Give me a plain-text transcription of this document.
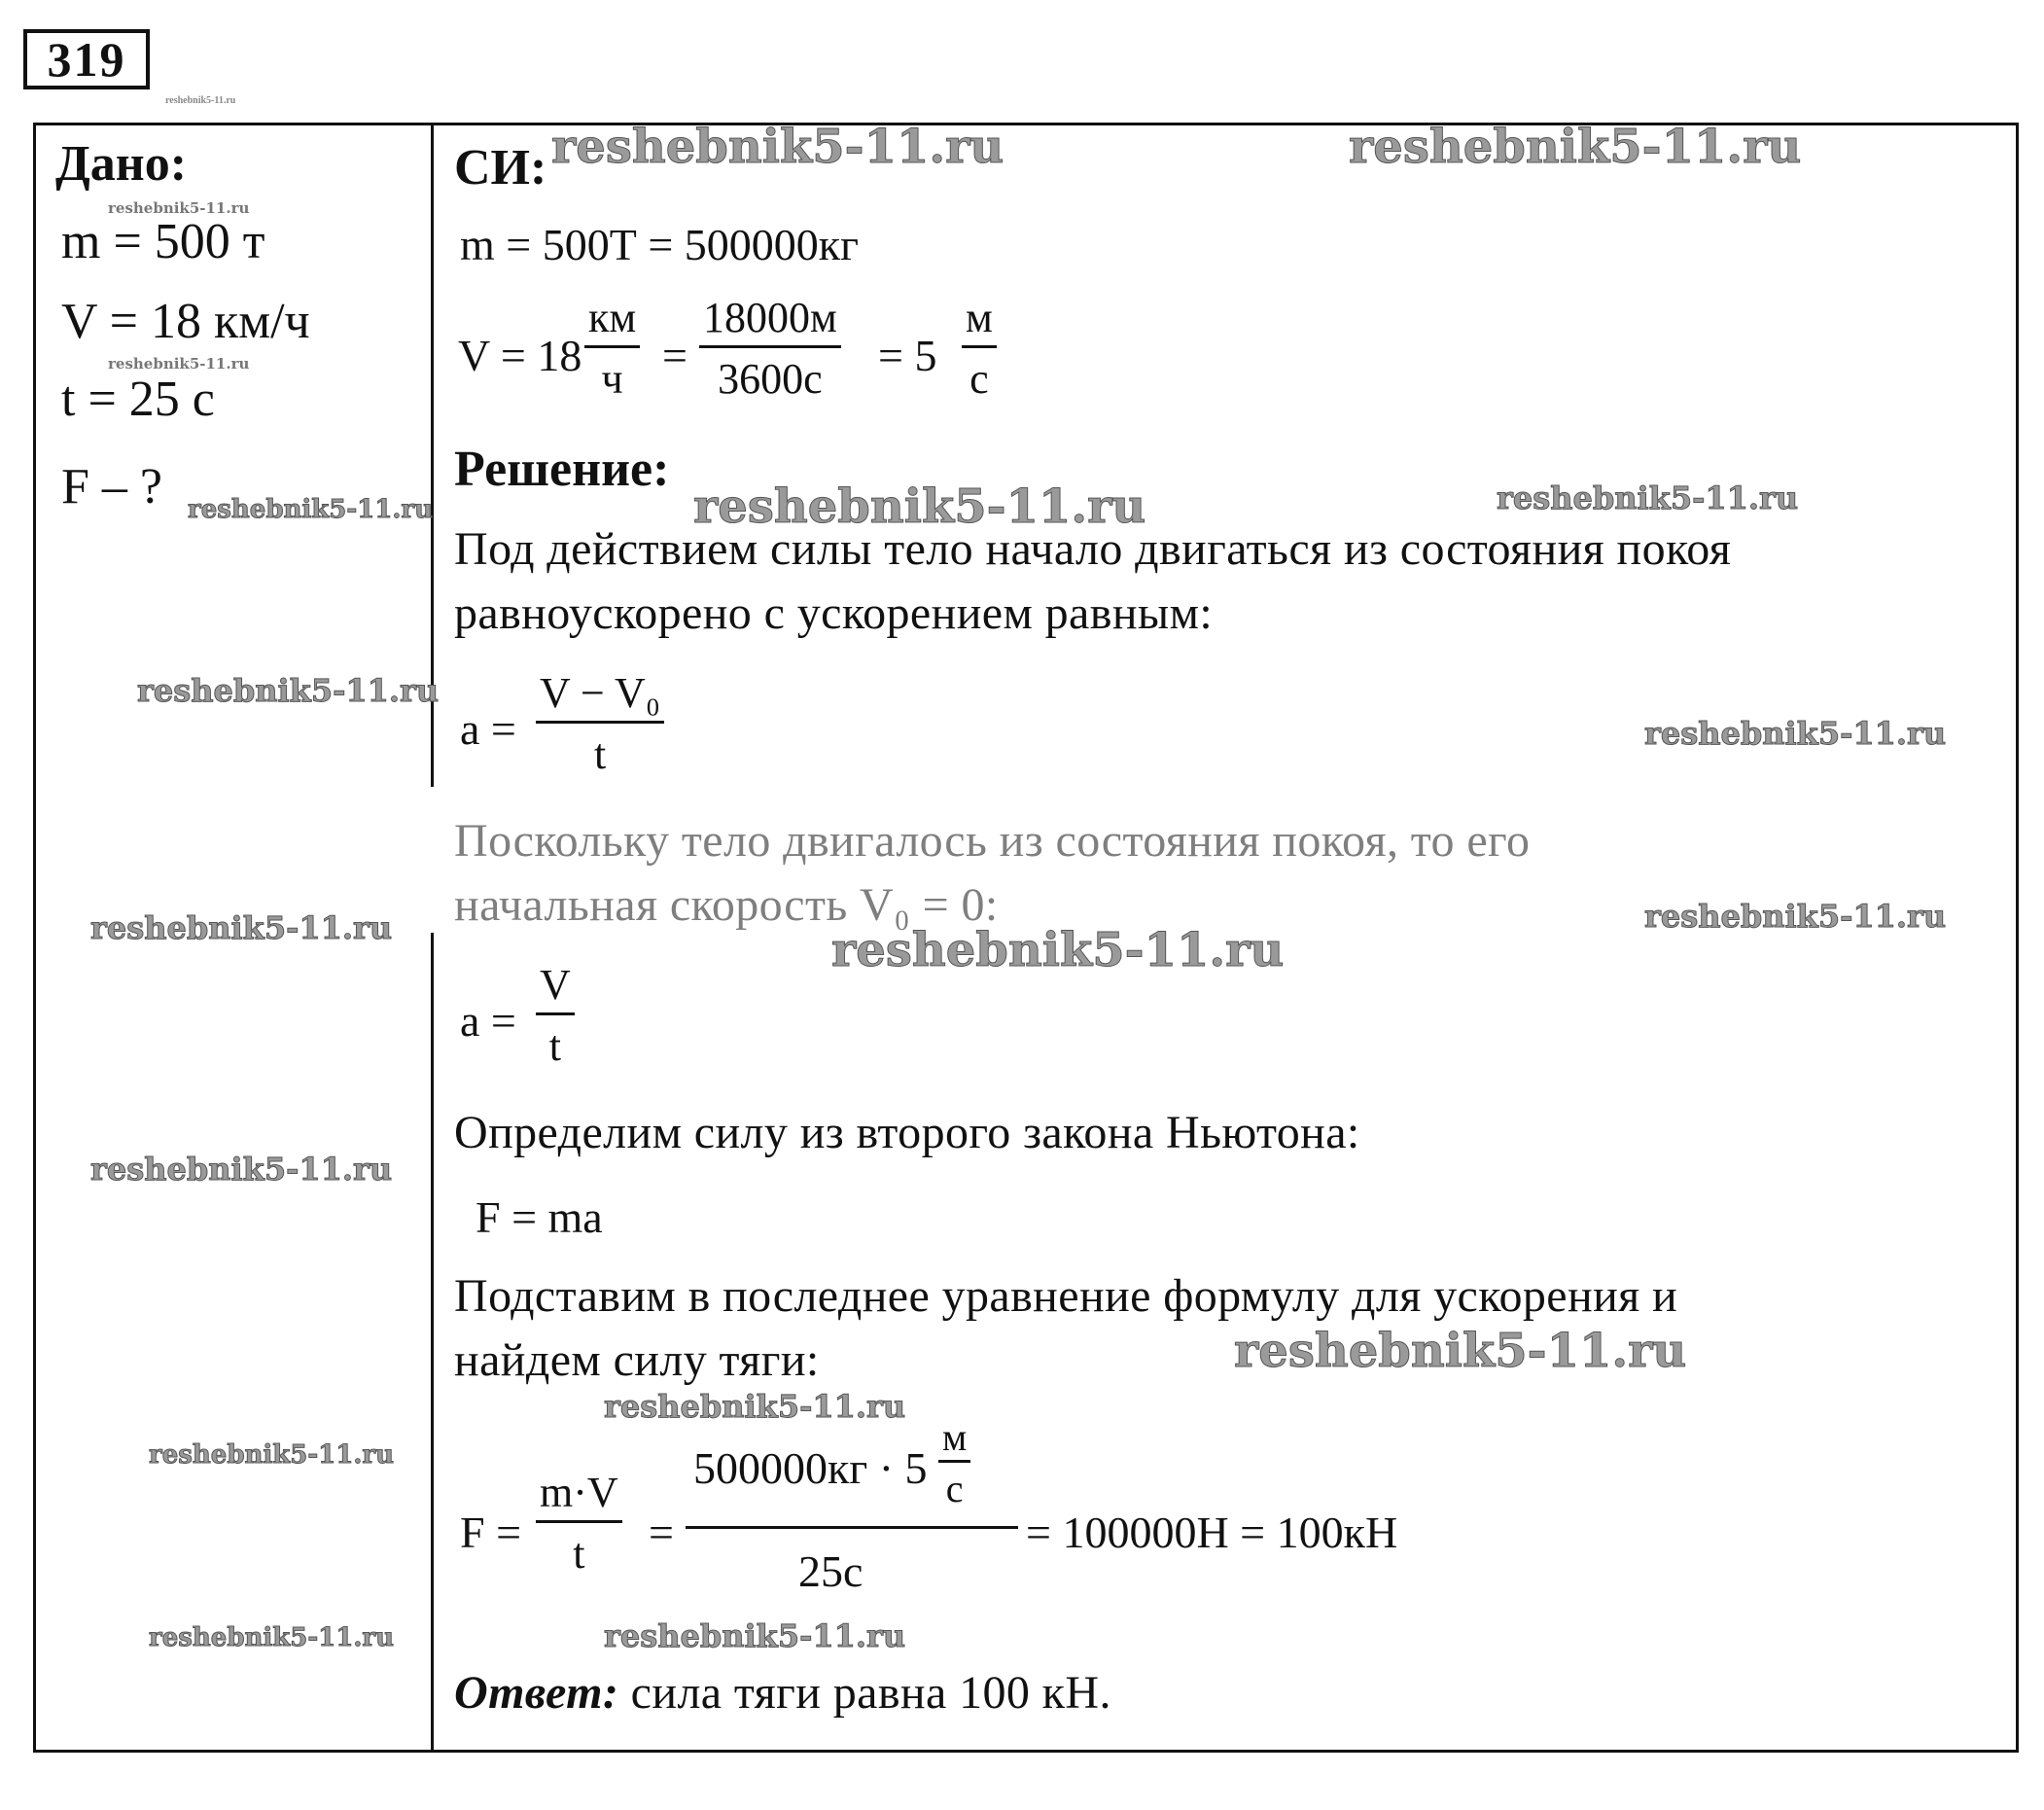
319
reshebnik5-11.ru
Дано:
m = 500 т
V = 18 км/ч
t = 25 с
F – ?
СИ:
m = 500Т = 500000кг
V = 18
км
ч =
18000м
3600с	= 5
м
с
Решение:
Под действием силы тело начало двигаться из состояния покоя
равноускорено с ускорением равным:
$a = \frac{\text{V − V₀}}{t}$
Поскольку тело двигалось из состояния покоя, то его
начальная скорость V₀ = 0:
$a = \frac{V}{t}$
Определим силу из второго закона Ньютона:
F = ma
Подставим в последнее уравнение формулу для ускорения и
найдем силу тяги:
$F = \frac{m\cdot V}{t}$ =
500000кг · 5
м
с
25с
= 100000Н = 100кН
Ответ: сила тяги равна 100 кН.
reshebnik5-11.ru	reshebnik5-11.ru
reshebnik5-11.ru
reshebnik5-11.ru
reshebnik5-11.ru	reshebnik5-11.ru	reshebnik5-11.ru
reshebnik5-11.ru
reshebnik5-11.ru
reshebnik5-11.ru	reshebnik5-11.ru
reshebnik5-11.ru
reshebnik5-11.ru
reshebnik5-11.ru
reshebnik5-11.ru
reshebnik5-11.ru
reshebnik5-11.ru	reshebnik5-11.ru
